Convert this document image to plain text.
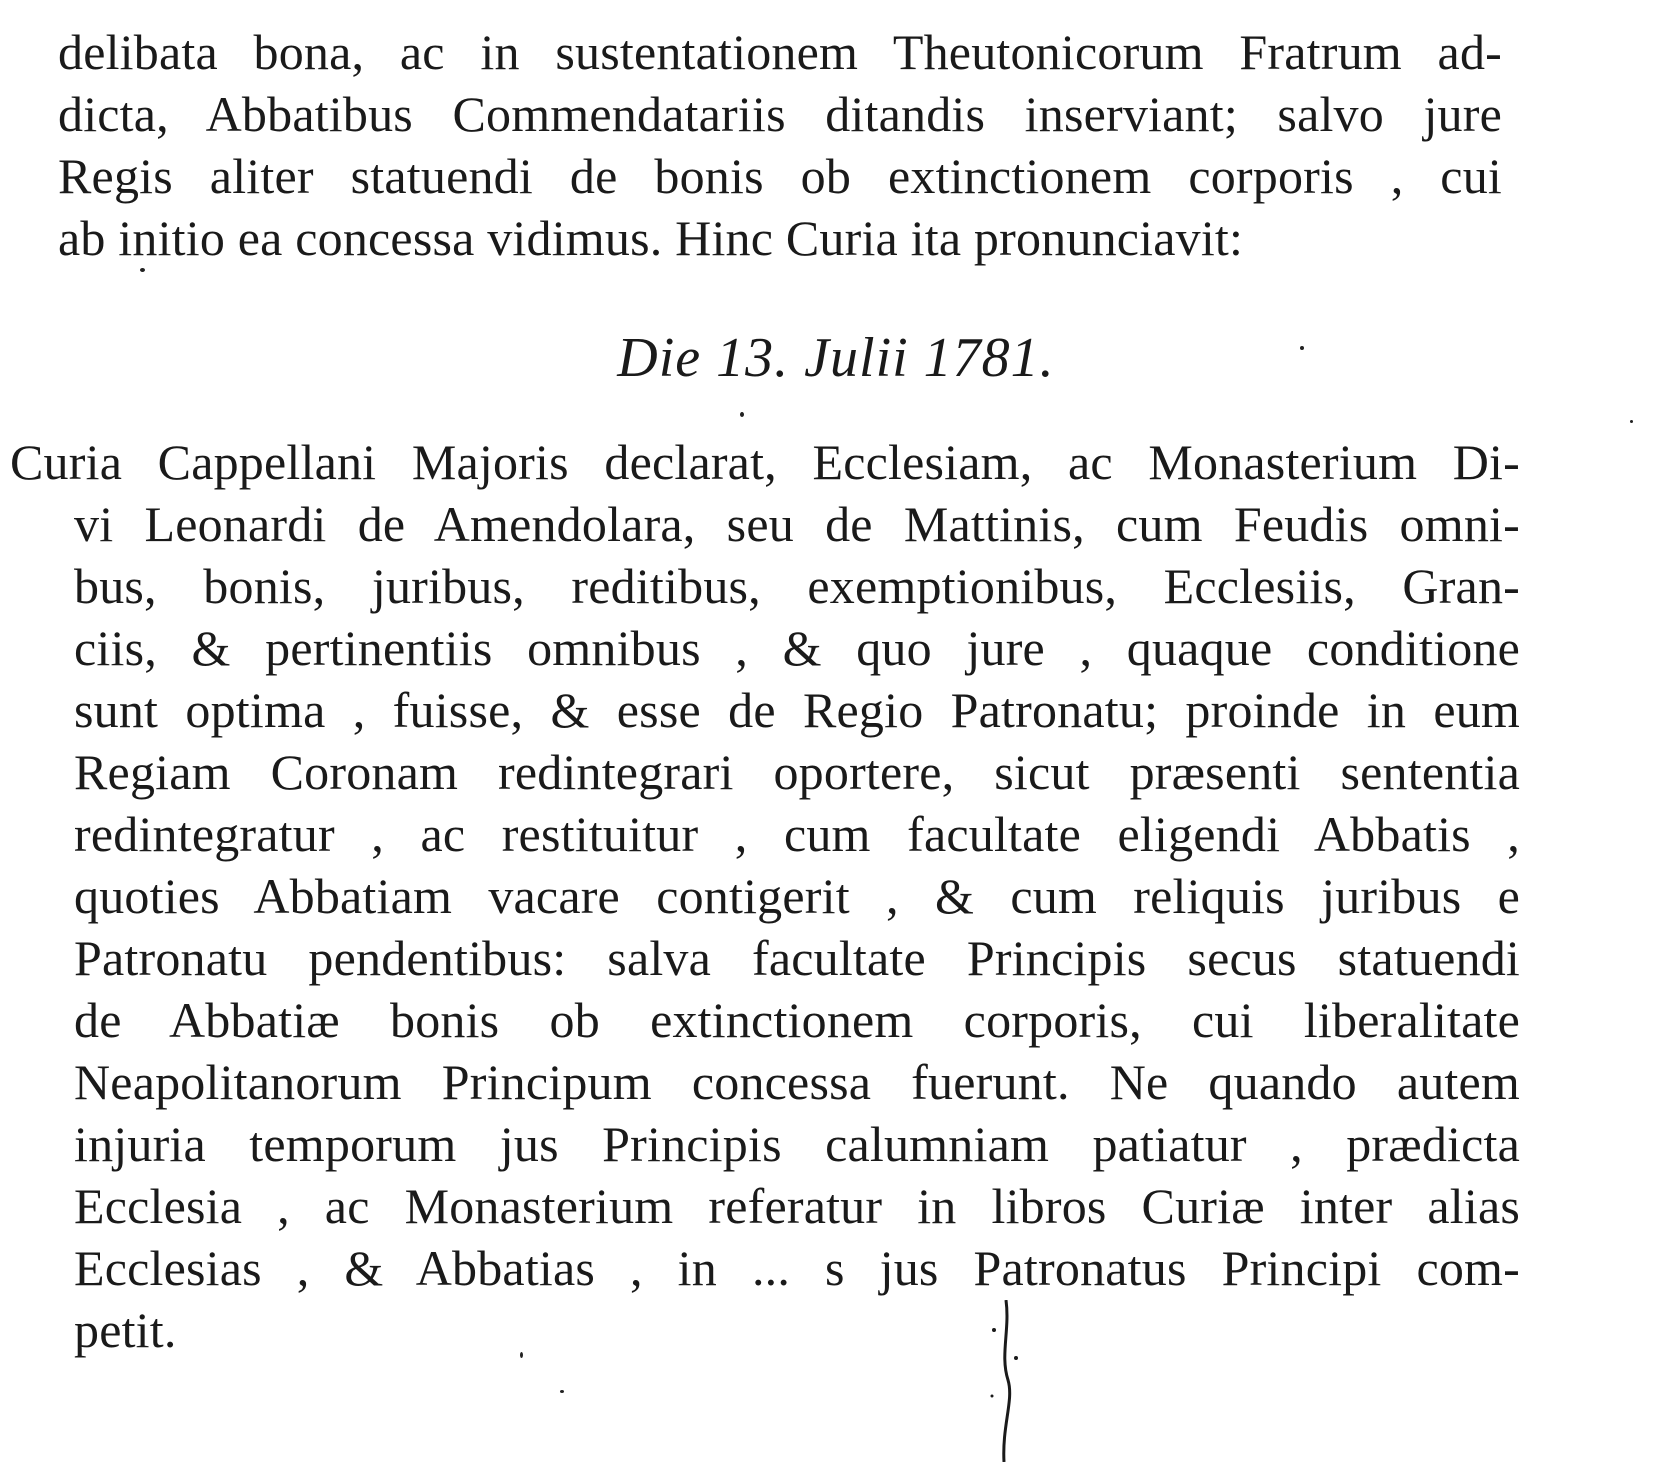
delibata bona, ac in sustentationem Theutonicorum Fratrum ad-
dicta, Abbatibus Commendatariis ditandis inserviant; salvo jure
Regis aliter statuendi de bonis ob extinctionem corporis , cui
ab initio ea concessa vidimus. Hinc Curia ita pronunciavit:
Die 13. Julii 1781.
Curia Cappellani Majoris declarat, Ecclesiam, ac Monasterium Di-
vi Leonardi de Amendolara, seu de Mattinis, cum Feudis omni-
bus, bonis, juribus, reditibus, exemptionibus, Ecclesiis, Gran-
ciis, & pertinentiis omnibus , & quo jure , quaque conditione
sunt optima , fuisse, & esse de Regio Patronatu; proinde in eum
Regiam Coronam redintegrari oportere, sicut præsenti sententia
redintegratur , ac restituitur , cum facultate eligendi Abbatis ,
quoties Abbatiam vacare contigerit , & cum reliquis juribus e
Patronatu pendentibus: salva facultate Principis secus statuendi
de Abbatiæ bonis ob extinctionem corporis, cui liberalitate
Neapolitanorum Principum concessa fuerunt. Ne quando autem
injuria temporum jus Principis calumniam patiatur , prædicta
Ecclesia , ac Monasterium referatur in libros Curiæ inter alias
Ecclesias , & Abbatias , in ... s jus Patronatus Principi com-
petit.
